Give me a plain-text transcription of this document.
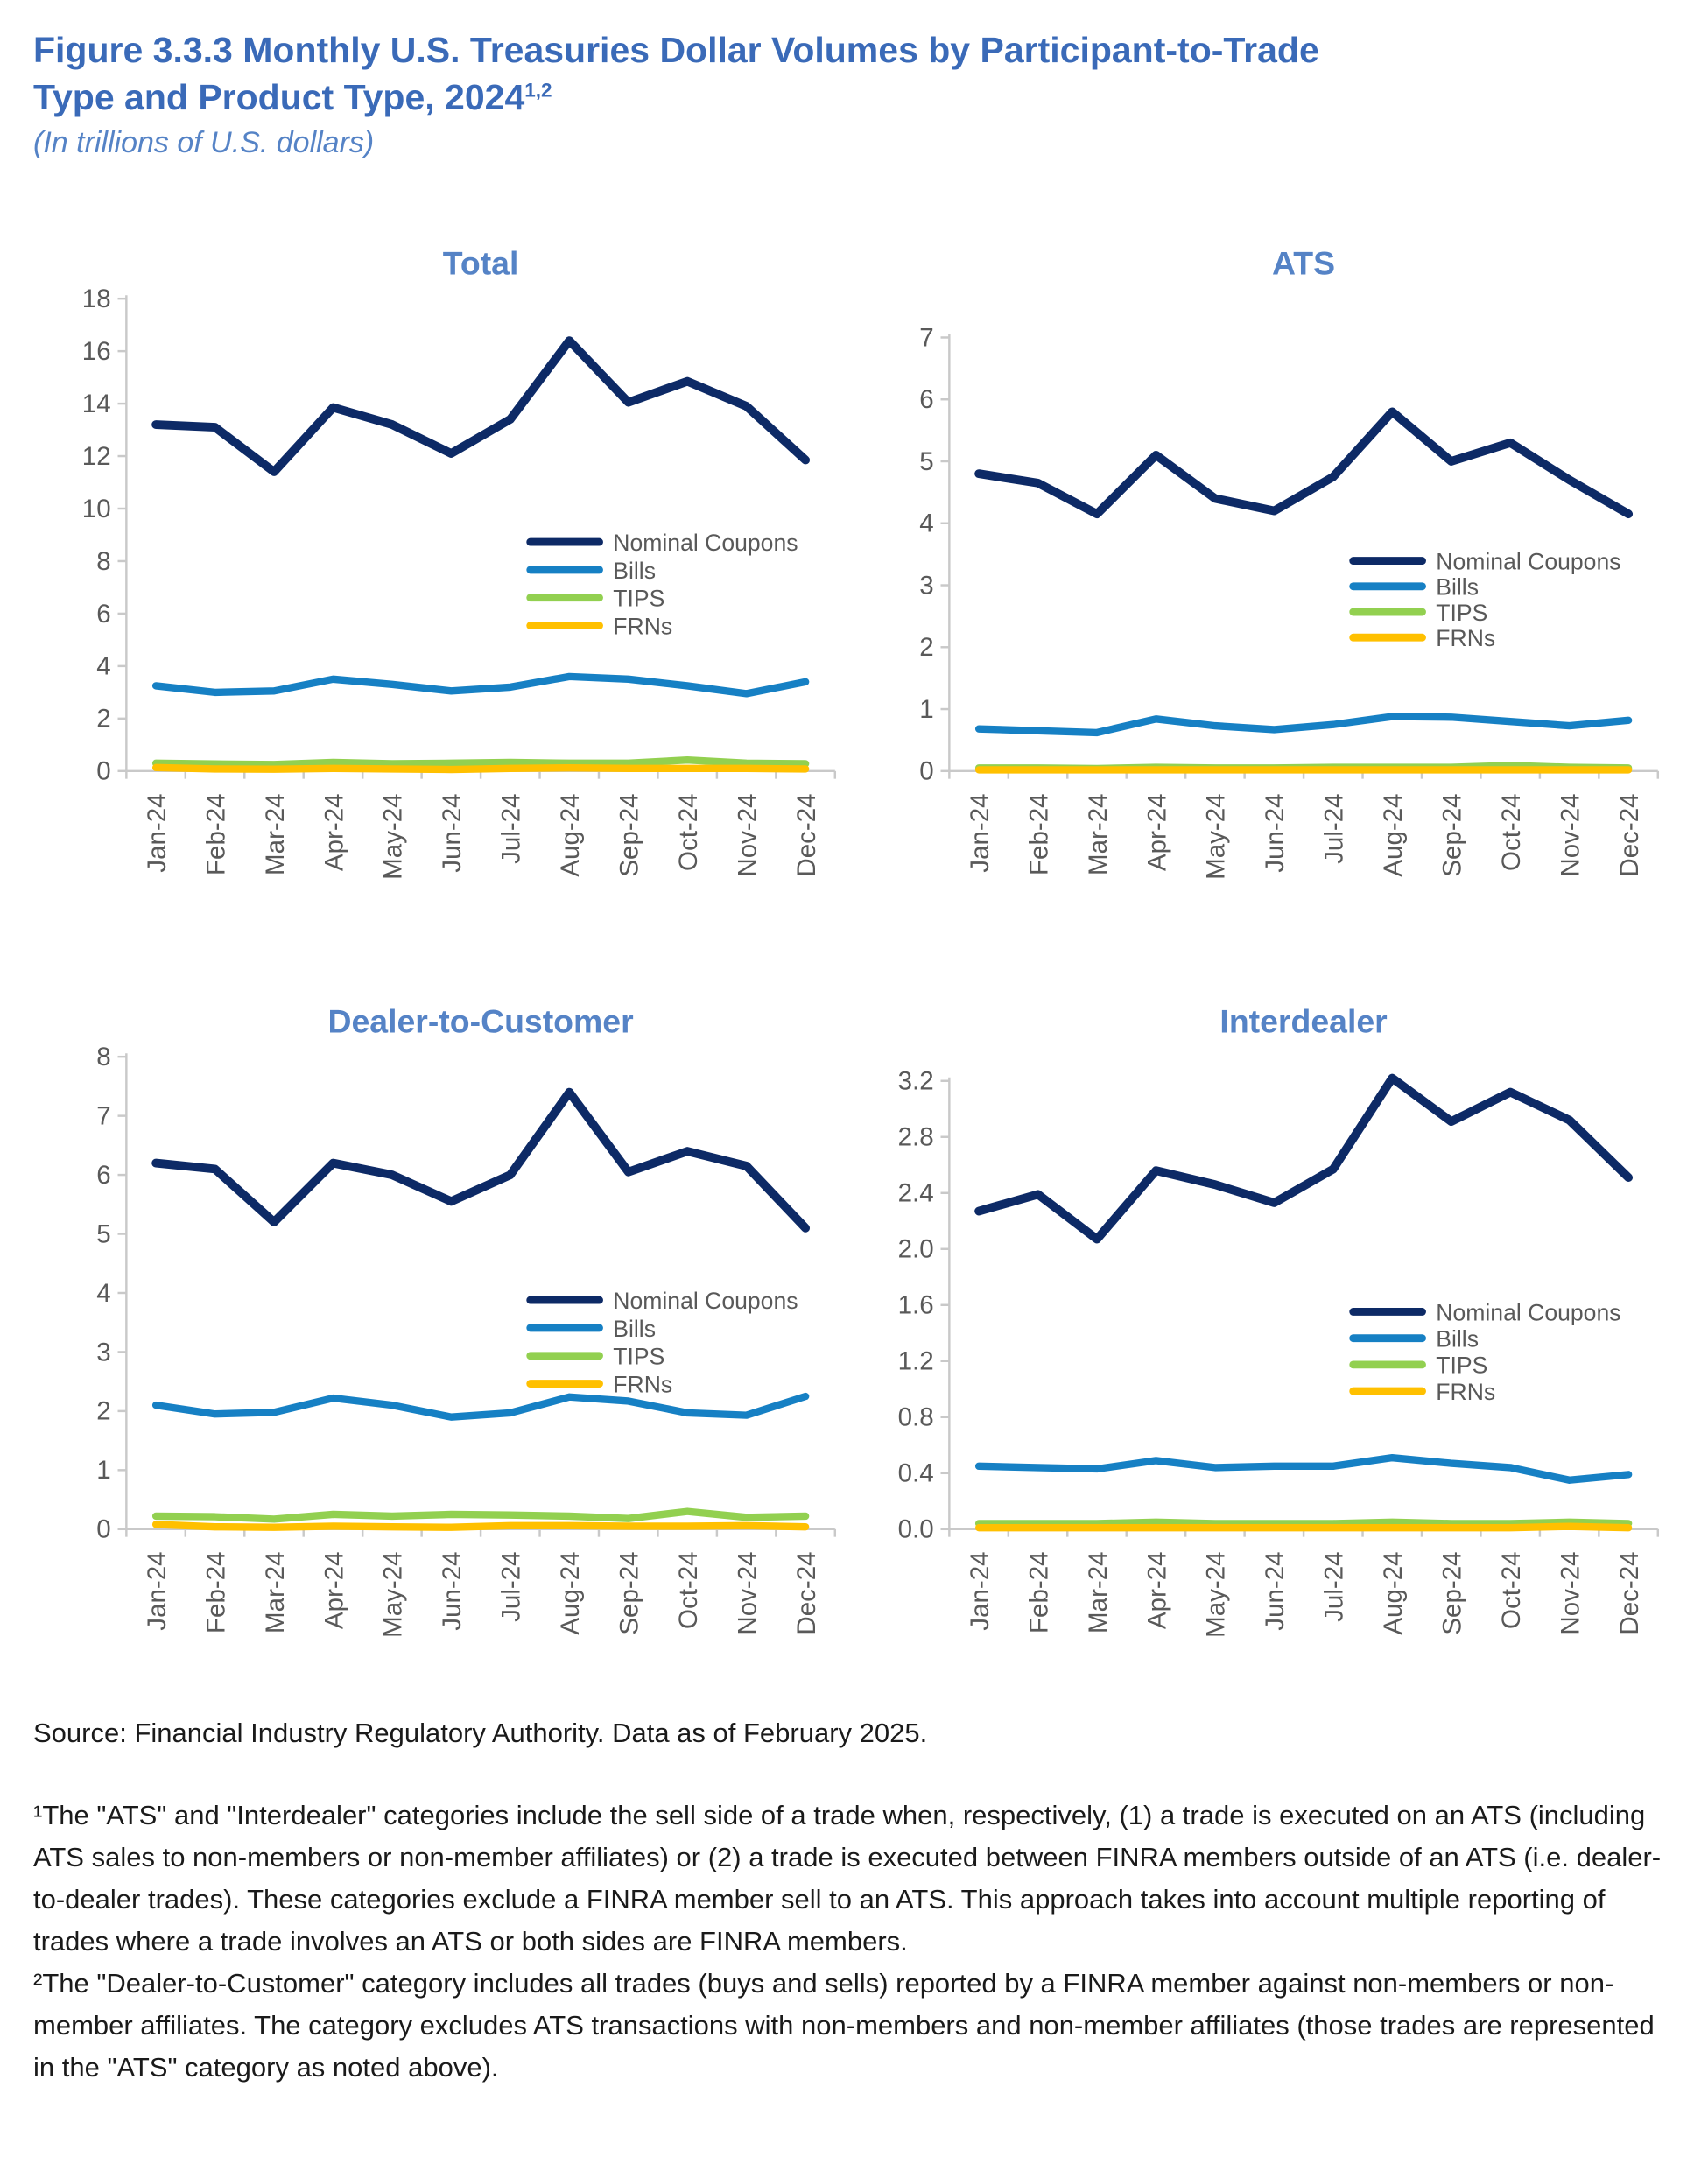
Figure 3.3.3 Monthly U.S. Treasuries Dollar Volumes by Participant-to-Trade Type and Product Type, 2024$^{1,2}$

(In trillions of U.S. dollars)

Total
0
2
4
6
8
10
12
14
16
18
Jan-24 Feb-24 Mar-24 Apr-24 May-24 Jun-24 Jul-24 Aug-24 Sep-24 Oct-24 Nov-24 Dec-24
Nominal Coupons
Bills
TIPS
FRNs
ATS
0
1
2
3
4
5
6
7
Jan-24 Feb-24 Mar-24 Apr-24 May-24 Jun-24 Jul-24 Aug-24 Sep-24 Oct-24 Nov-24 Dec-24
Nominal Coupons
Bills
TIPS
FRNs
Dealer-to-Customer
0
1
2
3
4
5
6
7
8
Jan-24 Feb-24 Mar-24 Apr-24 May-24 Jun-24 Jul-24 Aug-24 Sep-24 Oct-24 Nov-24 Dec-24
Nominal Coupons
Bills
TIPS
FRNs
Interdealer
0.0
0.4
0.8
1.2
1.6
2.0
2.4
2.8
3.2
Jan-24 Feb-24 Mar-24 Apr-24 May-24 Jun-24 Jul-24 Aug-24 Sep-24 Oct-24 Nov-24 Dec-24
Nominal Coupons
Bills
TIPS
FRNs

Source: Financial Industry Regulatory Authority. Data as of February 2025.

¹The "ATS" and "Interdealer" categories include the sell side of a trade when, respectively, (1) a trade is executed on an ATS (including ATS sales to non-members or non-member affiliates) or (2) a trade is executed between FINRA members outside of an ATS (i.e. dealer-to-dealer trades). These categories exclude a FINRA member sell to an ATS. This approach takes into account multiple reporting of trades where a trade involves an ATS or both sides are FINRA members.

²The "Dealer-to-Customer" category includes all trades (buys and sells) reported by a FINRA member against non-members or non-member affiliates. The category excludes ATS transactions with non-members and non-member affiliates (those trades are represented in the "ATS" category as noted above).
